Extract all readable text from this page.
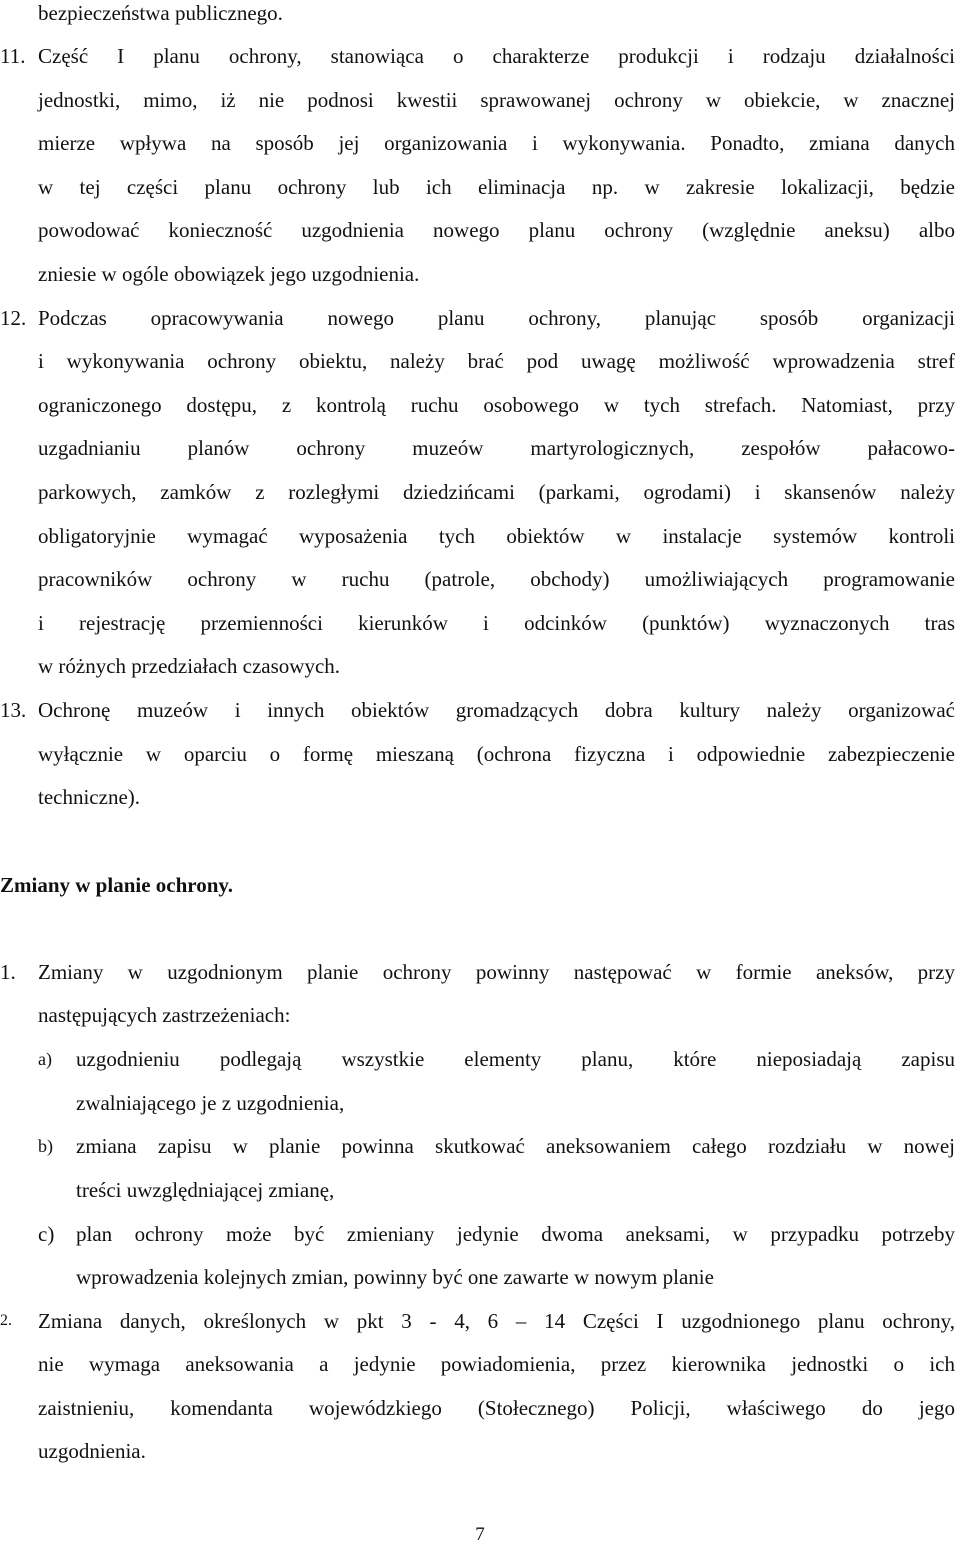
bezpieczeństwa publicznego.
11. Część I planu ochrony, stanowiąca o charakterze produkcji i rodzaju działalności
jednostki, mimo, iż nie podnosi kwestii sprawowanej ochrony w obiekcie, w znacznej
mierze wpływa na sposób jej organizowania i wykonywania. Ponadto, zmiana danych
w tej części planu ochrony lub ich eliminacja np. w zakresie lokalizacji, będzie
powodować konieczność uzgodnienia nowego planu ochrony (względnie aneksu) albo
zniesie w ogóle obowiązek jego uzgodnienia.
12. Podczas opracowywania nowego planu ochrony, planując sposób organizacji
i wykonywania ochrony obiektu, należy brać pod uwagę możliwość wprowadzenia stref
ograniczonego dostępu, z kontrolą ruchu osobowego w tych strefach. Natomiast, przy
uzgadnianiu planów ochrony muzeów martyrologicznych, zespołów pałacowo-
parkowych, zamków z rozległymi dziedzińcami (parkami, ogrodami) i skansenów należy
obligatoryjnie wymagać wyposażenia tych obiektów w instalacje systemów kontroli
pracowników ochrony w ruchu (patrole, obchody) umożliwiających programowanie
i rejestrację przemienności kierunków i odcinków (punktów) wyznaczonych tras
w różnych przedziałach czasowych.
13. Ochronę muzeów i innych obiektów gromadzących dobra kultury należy organizować
wyłącznie w oparciu o formę mieszaną (ochrona fizyczna i odpowiednie zabezpieczenie
techniczne).
Zmiany w planie ochrony.
1. Zmiany w uzgodnionym planie ochrony powinny następować w formie aneksów, przy
następujących zastrzeżeniach:
a) uzgodnieniu podlegają wszystkie elementy planu, które nieposiadają zapisu
zwalniającego je z uzgodnienia,
b) zmiana zapisu w planie powinna skutkować aneksowaniem całego rozdziału w nowej
treści uwzględniającej zmianę,
c) plan ochrony może być zmieniany jedynie dwoma aneksami, w przypadku potrzeby
wprowadzenia kolejnych zmian, powinny być one zawarte w nowym planie
2. Zmiana danych, określonych w pkt 3 - 4, 6 – 14 Części I uzgodnionego planu ochrony,
nie wymaga aneksowania a jedynie powiadomienia, przez kierownika jednostki o ich
zaistnieniu, komendanta wojewódzkiego (Stołecznego) Policji, właściwego do jego
uzgodnienia.
7
